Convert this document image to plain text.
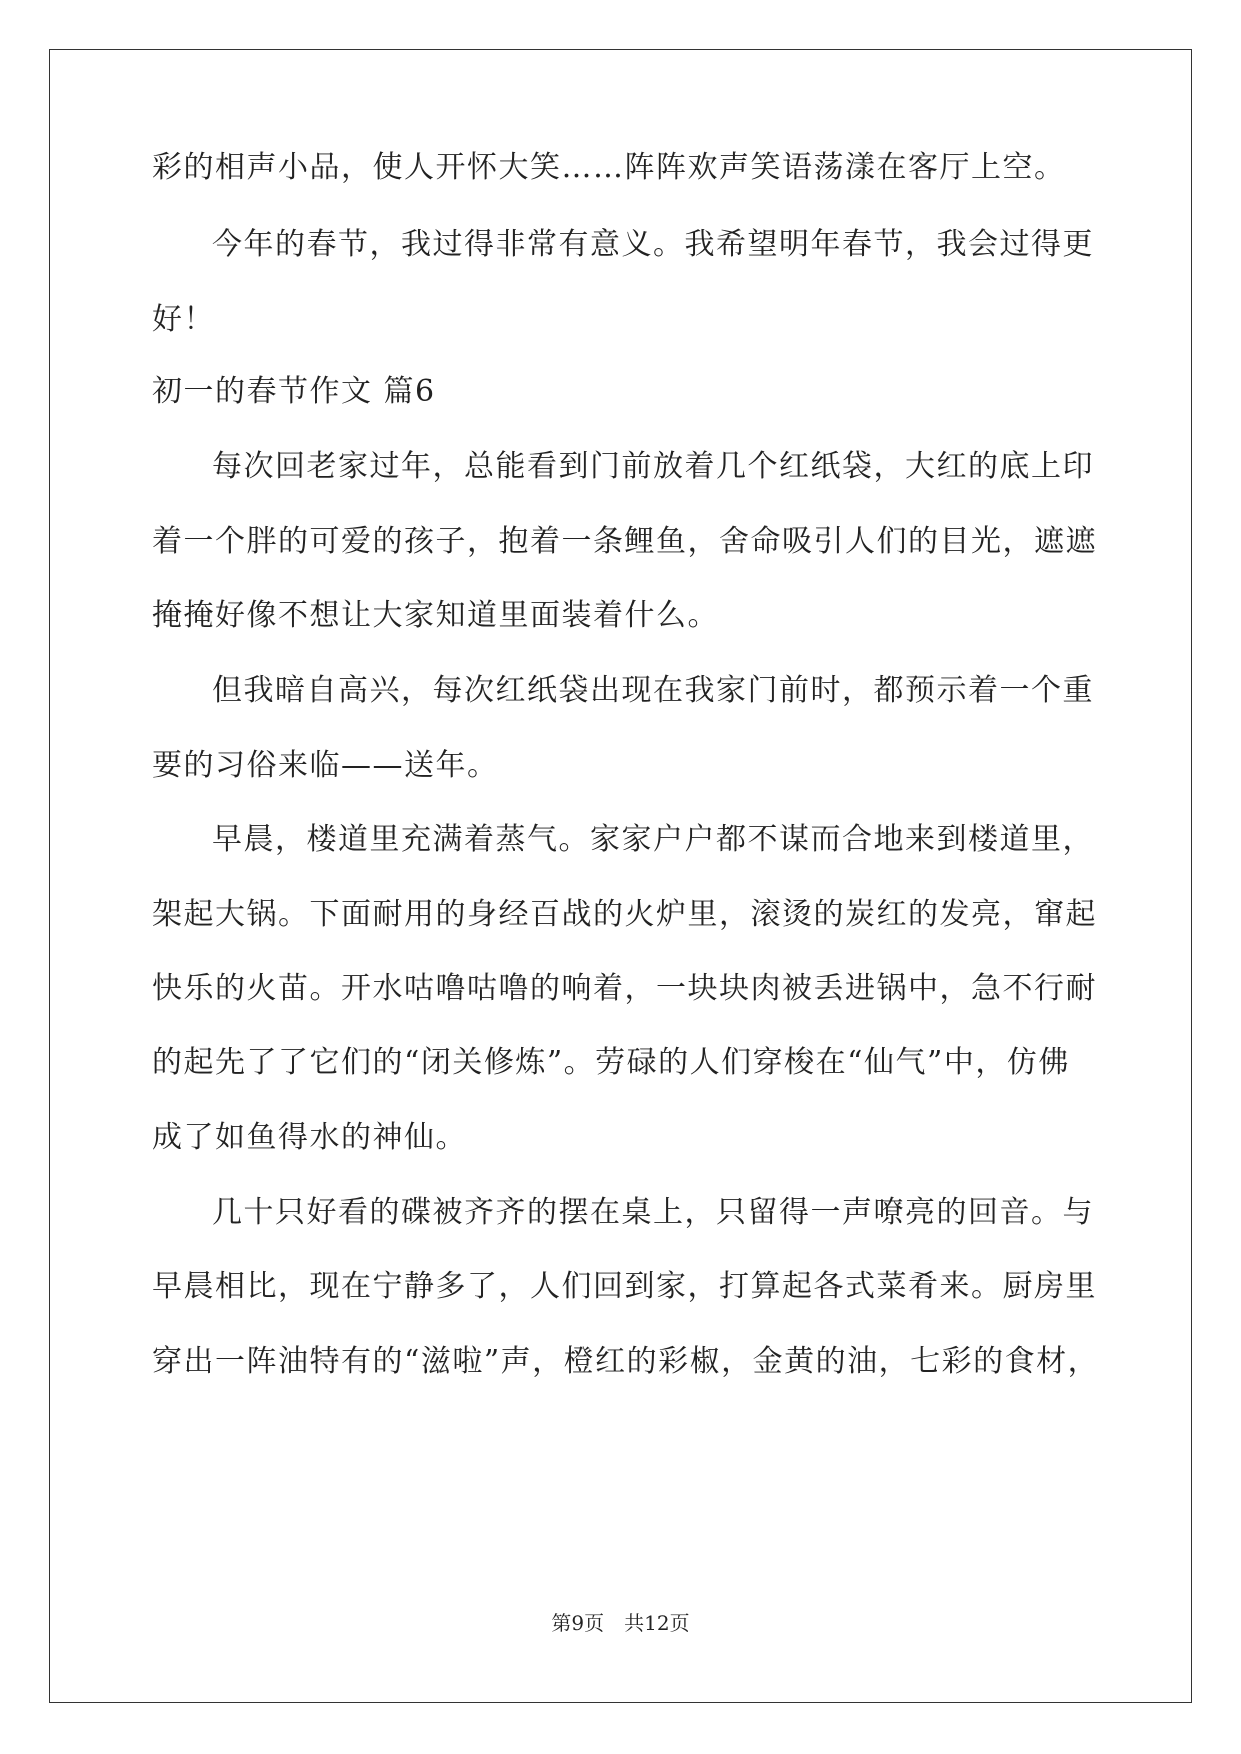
彩的相声小品，使人开怀大笑……阵阵欢声笑语荡漾在客厅上空。
今年的春节，我过得非常有意义。我希望明年春节，我会过得更
好！
初一的春节作文 篇6
每次回老家过年，总能看到门前放着几个红纸袋，大红的底上印
着一个胖的可爱的孩子，抱着一条鲤鱼，舍命吸引人们的目光，遮遮
掩掩好像不想让大家知道里面装着什么。
但我暗自高兴，每次红纸袋出现在我家门前时，都预示着一个重
要的习俗来临——送年。
早晨，楼道里充满着蒸气。家家户户都不谋而合地来到楼道里，
架起大锅。下面耐用的身经百战的火炉里，滚烫的炭红的发亮，窜起
快乐的火苗。开水咕噜咕噜的响着，一块块肉被丢进锅中，急不行耐
的起先了了它们的“闭关修炼”。劳碌的人们穿梭在“仙气”中，仿佛
成了如鱼得水的神仙。
几十只好看的碟被齐齐的摆在桌上，只留得一声嘹亮的回音。与
早晨相比，现在宁静多了，人们回到家，打算起各式菜肴来。厨房里
穿出一阵油特有的“滋啦”声，橙红的彩椒，金黄的油，七彩的食材，
第9页 共12页
